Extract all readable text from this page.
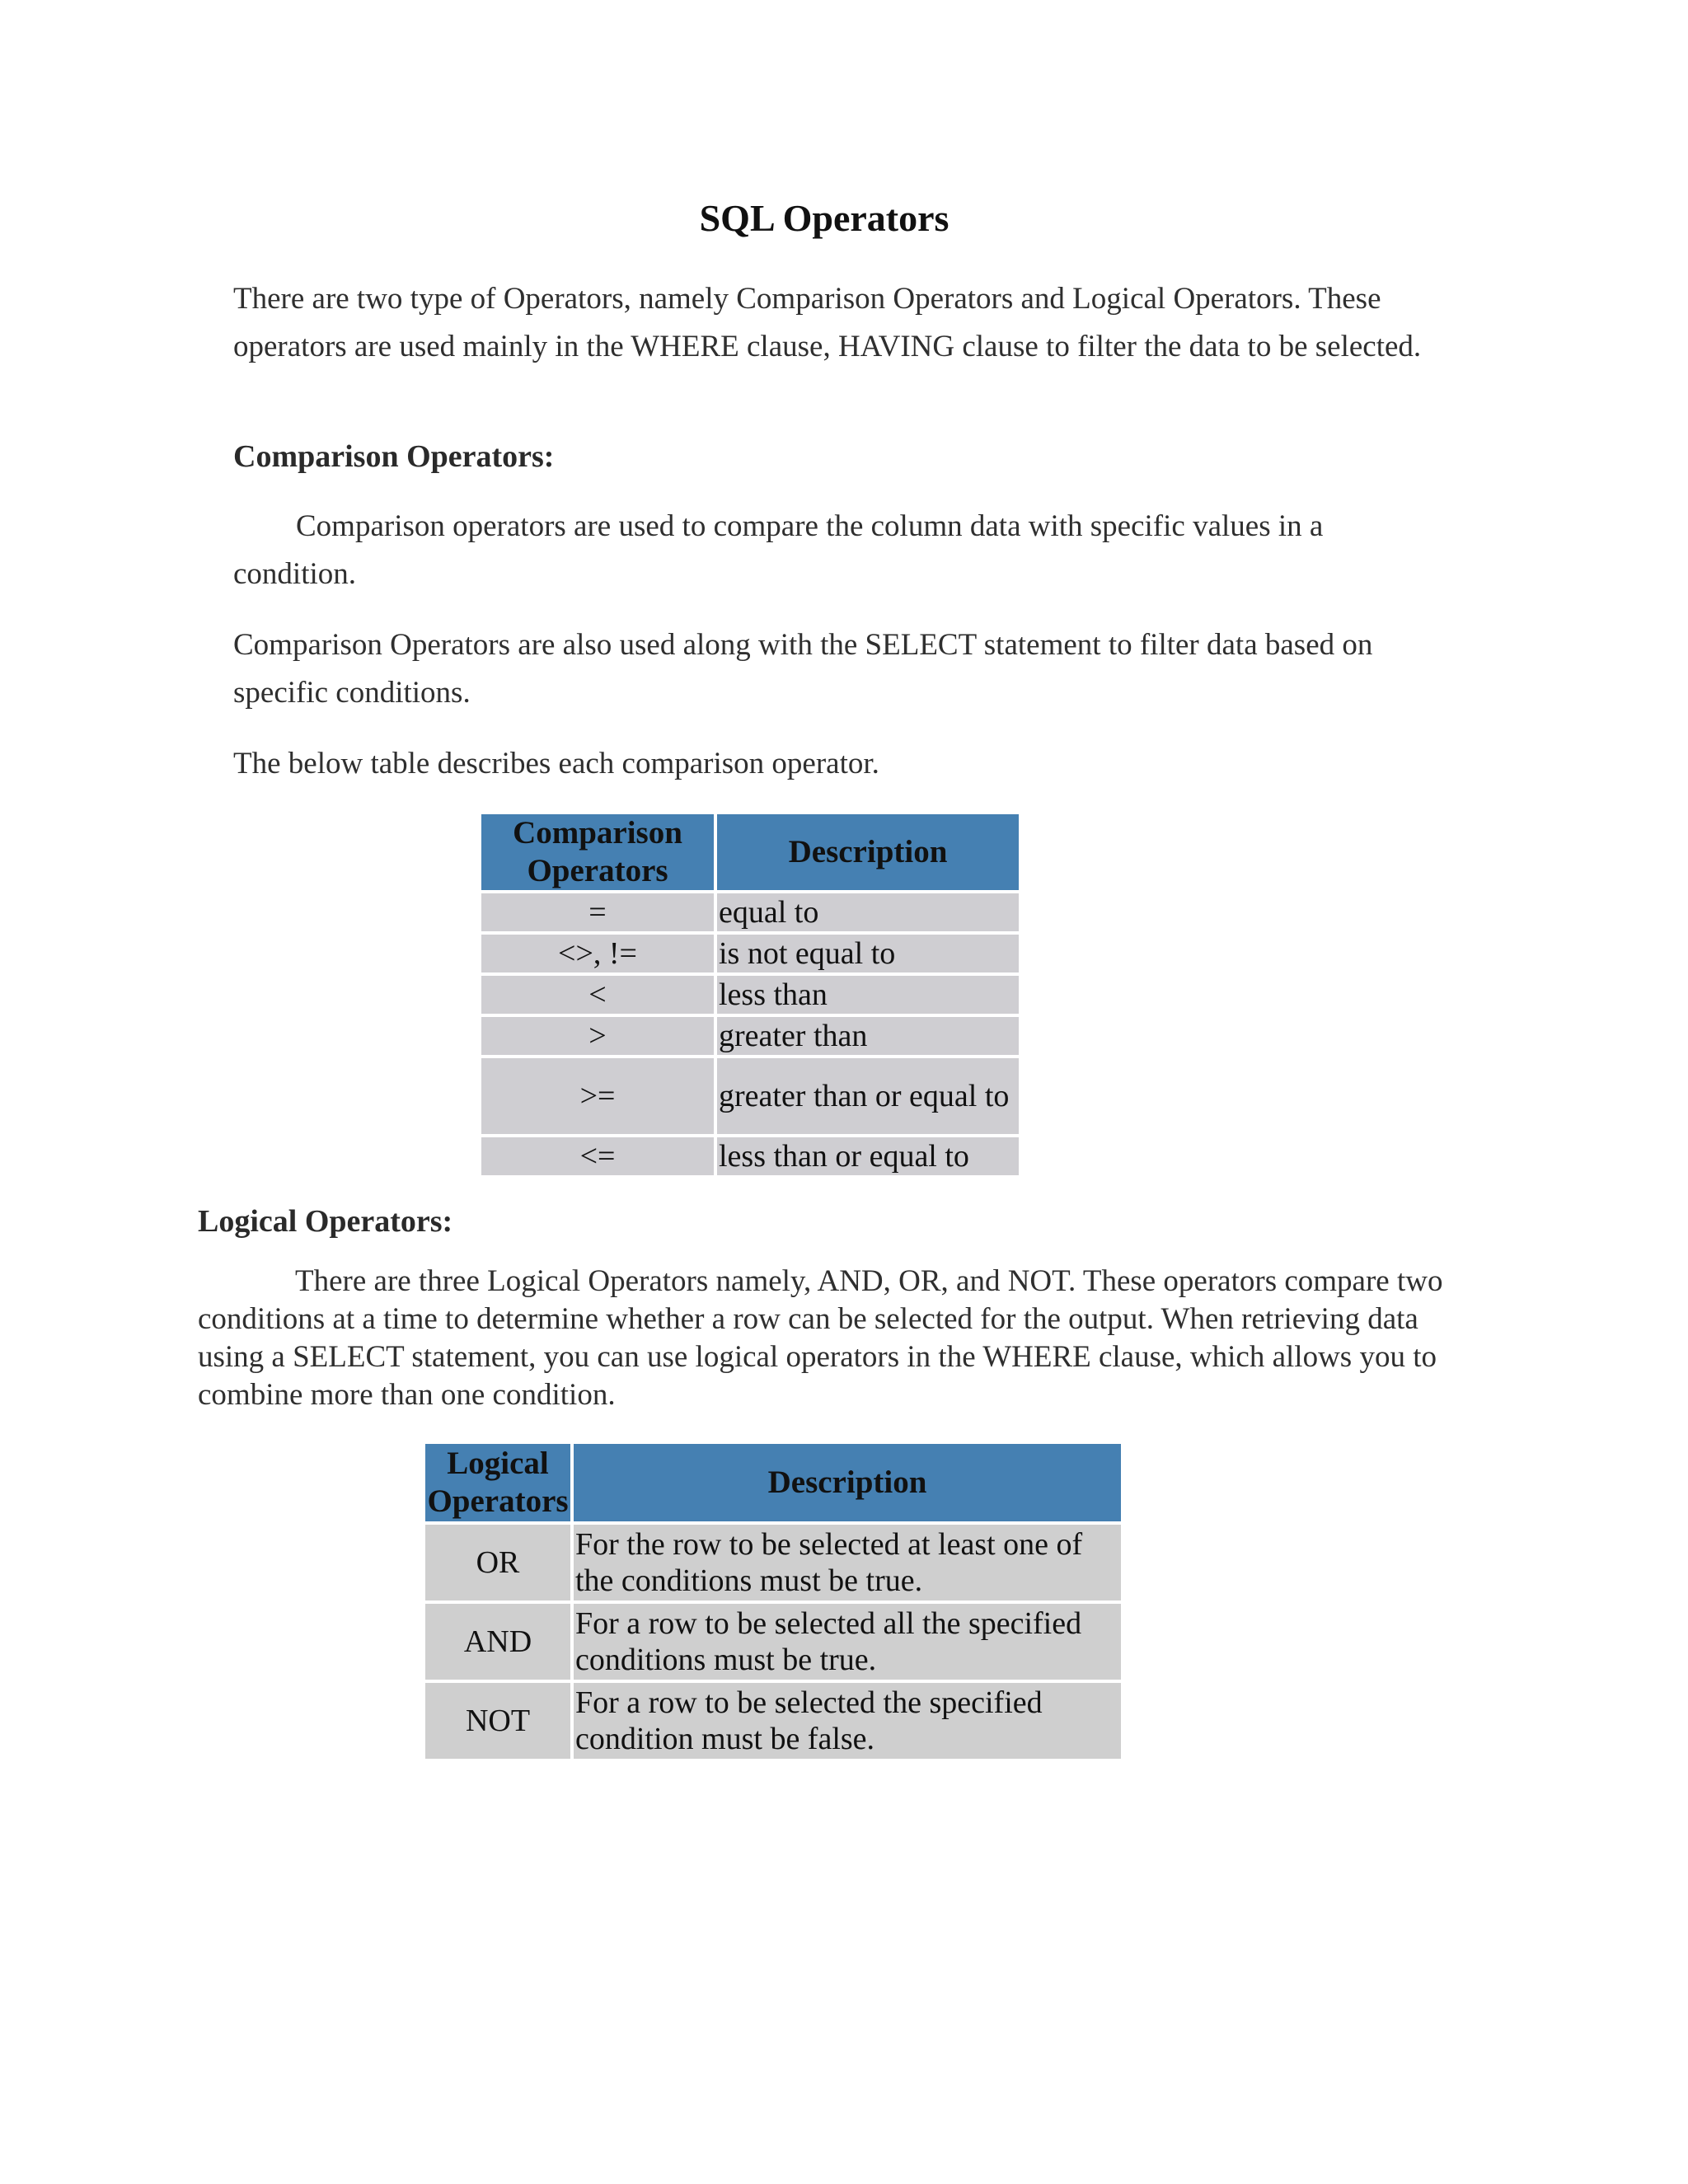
SQL Operators

There are two type of Operators, namely Comparison Operators and Logical Operators. These operators are used mainly in the WHERE clause, HAVING clause to filter the data to be selected.

Comparison Operators:

Comparison operators are used to compare the column data with specific values in a condition.

Comparison Operators are also used along with the SELECT statement to filter data based on specific conditions.

The below table describes each comparison operator.

Comparison Operators	Description
=	equal to
<>, !=	is not equal to
<	less than
>	greater than
>=	greater than or equal to
<=	less than or equal to

Logical Operators:

There are three Logical Operators namely, AND, OR, and NOT. These operators compare two conditions at a time to determine whether a row can be selected for the output. When retrieving data using a SELECT statement, you can use logical operators in the WHERE clause, which allows you to combine more than one condition.

Logical Operators	Description
OR	For the row to be selected at least one of the conditions must be true.
AND	For a row to be selected all the specified conditions must be true.
NOT	For a row to be selected the specified condition must be false.
